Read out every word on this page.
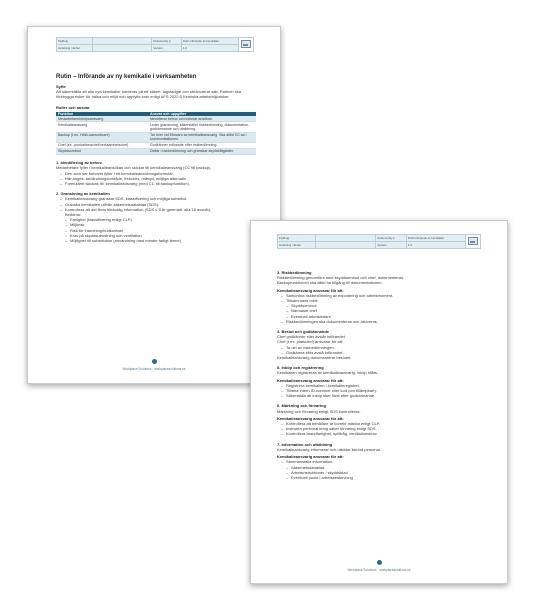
Flyttbug		Dokumentty p	Rutin införande av kemikalier	
Avdelning / Enhet		Version	1.0	
Rutin – Införande av ny kemikalie i verksamheten
Syfte

Att säkerställa att alla nya kemikalier hanteras på ett säkert, lagstadgat och strukturerat sätt. Rutinen ska förebygga risker för hälsa och miljö och uppfylla krav enligt AFS 2022:5 Kemiska arbetsmiljörisker.

Roller och ansvar
Funktion	Ansvar och uppgifter
Medarbetare/inköpsansvarig	Identifierar behov och initierar ansökan.
Kemikalieansvarig	Leder granskning, säkerställer riskbedömning, dokumentation, godkännande och utbildning.
Backup (t.ex. HMA-samordnare)	Tar över vid frånvaro av kemikalieansvarig. Ska alltid CC:as i kommunikationen.
Chef (ex. produktionschef/verksamhetschef)	Godkänner införande efter riskbedömning.
Skyddsombud	Deltar i riskbedömning och granskar skyddsåtgärder.
1. Identifiering av behov

Medarbetare fyller i kemikalieansökan och skickar till kemikalieansvarig (CC till backup).

– Den som ser behovet fyller i ett kemikalieansökningsformulär.
– Här anges: användningsområde, frekvens, mängd, möjliga alternativ.
– Formuläret skickas till: kemikalieansvarig (med CC till backupfunktion).
2. Granskning av kemikalien
– Kemikalieansvarig granskar SDS, klassificering och möjliga substitut.
– Granska kemikalien utifrån säkerhetsdatablad (SDS).
– Kontrollera att det finns tillräcklig information (SDS ≤ 5 år gammalt, alla 16 avsnitt).
Bedöma:
– Farlighet (klassificering enligt CLP)
– Miljörisk
– Risk för inandning/hudkontakt
– Krav på skyddsutrustning och ventilation
– Möjlighet till substitution (användning med mindre farligt ämne)
Workplace Solutions · workplacesolutions.se
Flyttbug		Dokumentty p	Rutin införande av kemikalier	
Avdelning / Enhet		Version	1.0	
3. Riskbedömning

Riskbedömning genomförs med skyddsombud och chef; dokumenteras.

Backupfunktionen ska alltid ha tillgång till dokumentationen.

Kemikalieansvarig ansvarar för att:

– Samordna riskbedömning av exponering och arbetsmoment.
– Tillsammans med:
– Skyddsombud
– Närmaste chef
– Eventuell arbetsledare
– Riskbedömningen ska dokumenteras och arkiveras.
4. Beslut och godkännande

Chef godkänner eller avslår införandet.

Chef (t.ex. platschef) ansvarar för att:

– Ta del av riskbedömningen.
– Godkänna eller avslå införandet.

Kemikalieansvarig dokumenterar beslutet.

5. Inköp och registrering

Kemikalien registreras av kemikalieansvarig, inköp tillåts.

Kemikalieansvarig ansvarar för att:

– Registrera kemikalien i kemikalieregistret.
– Tilldela intern ID-nummer eller kod (om tillämpbart).
– Säkerställa att inköp sker först efter godkännande.
6. Märkning och förvaring

Märkning och förvaring enligt SDS kontrolleras.

Kemikalieansvarig ansvarar för att:

– Kontrollera att behållare är korrekt märkta enligt CLP.
– Instruera personal kring säker förvaring enligt SDS.
– Kontrollera brandfarlighet, spilltråg, ventilationskrav.
7. Information och utbildning

Kemikalieansvarig informerar och utbildar berörd personal.

Kemikalieansvarig ansvarar för att:

– Sammanställa information:
– Säkerhetsdatablad
– Arbetsinstruktioner / skyddsblad
– Eventuell punkt i arbetsbeskrivning
Workplace Solutions · workplacesolutions.se
